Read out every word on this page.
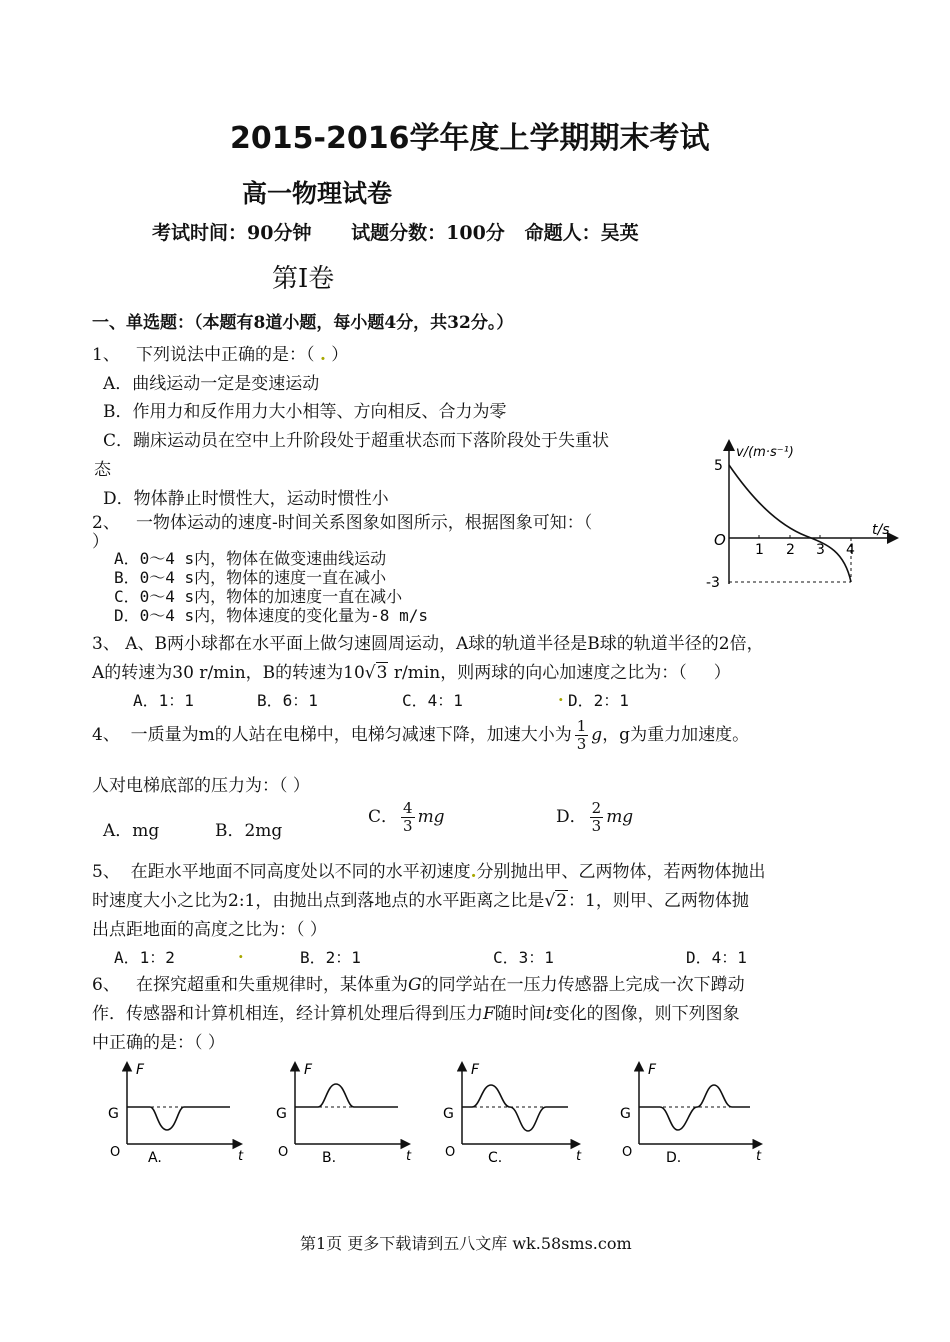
2015-2016学年度上学期期末考试
高一物理试卷
考试时间：90分钟      试题分数：100分   命题人：吴英
第Ⅰ卷
一、单选题：（本题有8道小题，每小题4分，共32分。）
1、   下列说法中正确的是：（ . ）
A．曲线运动一定是变速运动
B．作用力和反作用力大小相等、方向相反、合力为零
C．蹦床运动员在空中上升阶段处于超重状态而下落阶段处于失重状
态
D．物体静止时惯性大，运动时惯性小
2、   一物体运动的速度-时间关系图象如图所示，根据图象可知：（
）
A．0～4 s内，物体在做变速曲线运动
B．0～4 s内，物体的速度一直在减小
C．0～4 s内，物体的加速度一直在减小
D．0～4 s内，物体速度的变化量为-8 m/s
v/(m·s⁻¹)
t/s
O
5
-3
1 2 3 4
3、 A、B两小球都在水平面上做匀速圆周运动，A球的轨道半径是B球的轨道半径的2倍，
A的转速为30 r/min，B的转速为10√3 r/min，则两球的向心加速度之比为：（     ）
A．1：1	B．6：1	C．4：1	. D．2：1
4、  一质量为m的人站在电梯中，电梯匀减速下降，加速大小为 $\frac{1}{3}$ g，g为重力加速度。
人对电梯底部的压力为：（ ）
A．mg	B．2mg
C． $\frac{4}{3}$ mg	D． $\frac{2}{3}$ mg
5、  在距水平地面不同高度处以不同的水平初速度.分别抛出甲、乙两物体，若两物体抛出
时速度大小之比为2:1，由抛出点到落地点的水平距离之比是√2：1，则甲、乙两物体抛
出点距地面的高度之比为：（ ）
A．1：2	.	B．2：1	C．3：1	D．4：1
6、   在探究超重和失重规律时，某体重为G的同学站在一压力传感器上完成一次下蹲动
作．传感器和计算机相连，经计算机处理后得到压力F随时间t变化的图像，则下列图象
中正确的是：（ ）
F
G
O	t
A.
F
G
O	t
B.
F
G
O	t
C.
F
G
O	t
D.
第1页 更多下载请到五八文库 wk.58sms.com
